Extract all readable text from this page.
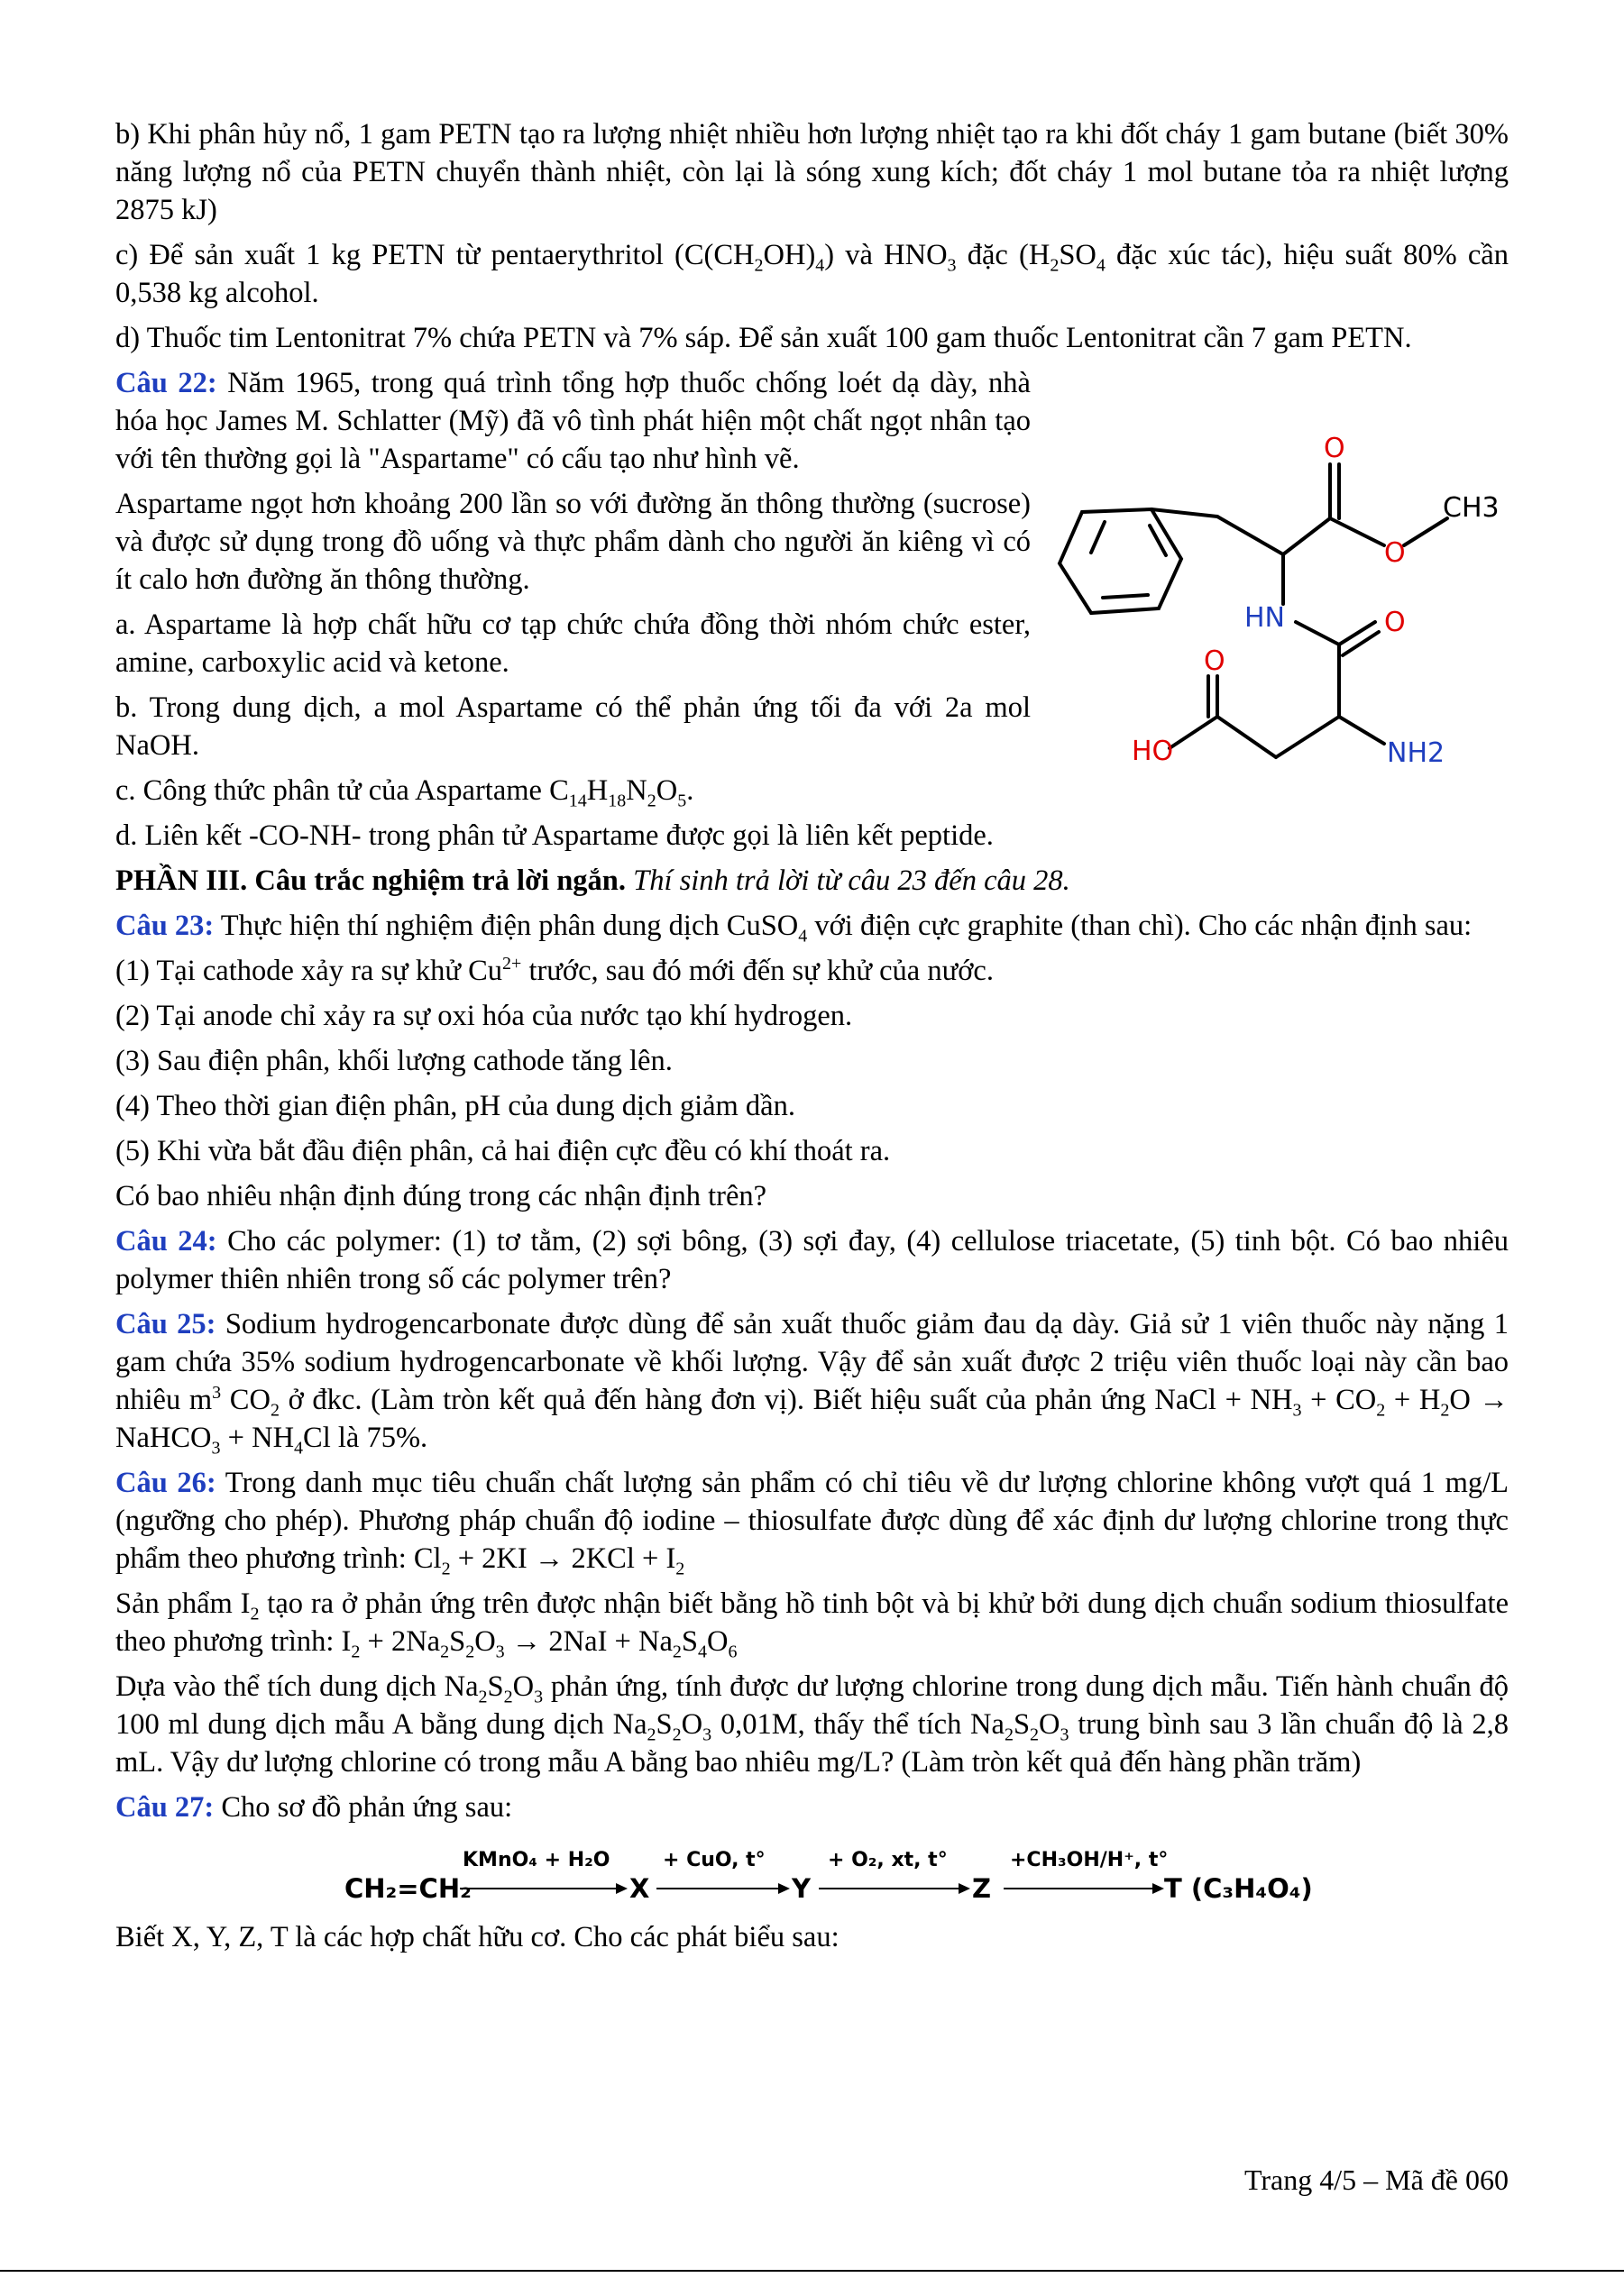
b) Khi phân hủy nổ, 1 gam PETN tạo ra lượng nhiệt nhiều hơn lượng nhiệt tạo ra khi đốt cháy 1 gam butane (biết 30% năng lượng nổ của PETN chuyển thành nhiệt, còn lại là sóng xung kích; đốt cháy 1 mol butane tỏa ra nhiệt lượng 2875 kJ)

c) Để sản xuất 1 kg PETN từ pentaerythritol $(C(CH_2OH)_4)$ và $HNO_3$ đặc ($H_2SO_4$ đặc xúc tác), hiệu suất 80% cần 0,538 kg alcohol.

d) Thuốc tim Lentonitrat 7% chứa PETN và 7% sáp. Để sản xuất 100 gam thuốc Lentonitrat cần 7 gam PETN.

Câu 22: Năm 1965, trong quá trình tổng hợp thuốc chống loét dạ dày, nhà hóa học James M. Schlatter (Mỹ) đã vô tình phát hiện một chất ngọt nhân tạo với tên thường gọi là "Aspartame" có cấu tạo như hình vẽ.

Aspartame ngọt hơn khoảng 200 lần so với đường ăn thông thường (sucrose) và được sử dụng trong đồ uống và thực phẩm dành cho người ăn kiêng vì có ít calo hơn đường ăn thông thường.

a. Aspartame là hợp chất hữu cơ tạp chức chứa đồng thời nhóm chức ester, amine, carboxylic acid và ketone.

b. Trong dung dịch, a mol Aspartame có thể phản ứng tối đa với 2a mol NaOH.

c. Công thức phân tử của Aspartame $C_{14}H_{18}N_2O_5$.

d. Liên kết -CO-NH- trong phân tử Aspartame được gọi là liên kết peptide.

PHẦN III. Câu trắc nghiệm trả lời ngắn. Thí sinh trả lời từ câu 23 đến câu 28.

Câu 23: Thực hiện thí nghiệm điện phân dung dịch CuSO$_4$ với điện cực graphite (than chì). Cho các nhận định sau:

(1) Tại cathode xảy ra sự khử $Cu^{2+}$ trước, sau đó mới đến sự khử của nước.

(2) Tại anode chỉ xảy ra sự oxi hóa của nước tạo khí hydrogen.

(3) Sau điện phân, khối lượng cathode tăng lên.

(4) Theo thời gian điện phân, pH của dung dịch giảm dần.

(5) Khi vừa bắt đầu điện phân, cả hai điện cực đều có khí thoát ra.

Có bao nhiêu nhận định đúng trong các nhận định trên?

Câu 24: Cho các polymer: (1) tơ tằm, (2) sợi bông, (3) sợi đay, (4) cellulose triacetate, (5) tinh bột. Có bao nhiêu polymer thiên nhiên trong số các polymer trên?

Câu 25: Sodium hydrogencarbonate được dùng để sản xuất thuốc giảm đau dạ dày. Giả sử 1 viên thuốc này nặng 1 gam chứa 35% sodium hydrogencarbonate về khối lượng. Vậy để sản xuất được 2 triệu viên thuốc loại này cần bao nhiêu $m^3$ $CO_2$ ở đkc. (Làm tròn kết quả đến hàng đơn vị). Biết hiệu suất của phản ứng NaCl + $NH_3 + CO_2 + H_2O$ → NaHCO$_3$ + $NH_4Cl$ là 75%.

Câu 26: Trong danh mục tiêu chuẩn chất lượng sản phẩm có chỉ tiêu về dư lượng chlorine không vượt quá 1 mg/L (ngưỡng cho phép). Phương pháp chuẩn độ iodine – thiosulfate được dùng để xác định dư lượng chlorine trong thực phẩm theo phương trình: $Cl_2 + 2KI \to 2KCl + I_2$

Sản phẩm $I_2$ tạo ra ở phản ứng trên được nhận biết bằng hồ tinh bột và bị khử bởi dung dịch chuẩn sodium thiosulfate theo phương trình: $I_2 + 2Na_2S_2O_3 \to 2NaI + Na_2S_4O_6$

Dựa vào thể tích dung dịch $Na_2S_2O_3$ phản ứng, tính được dư lượng chlorine trong dung dịch mẫu. Tiến hành chuẩn độ 100 ml dung dịch mẫu A bằng dung dịch $Na_2S_2O_3$ 0,01M, thấy thể tích $Na_2S_2O_3$ trung bình sau 3 lần chuẩn độ là 2,8 mL. Vậy dư lượng chlorine có trong mẫu A bằng bao nhiêu mg/L? (Làm tròn kết quả đến hàng phần trăm)

Câu 27: Cho sơ đồ phản ứng sau:

CH₂=CH₂
KMnO₄ + H₂O
X
+ CuO, t°
Y
+ O₂, xt, t°
Z
+CH₃OH/H⁺, t°
T (C₃H₄O₄)

Biết X, Y, Z, T là các hợp chất hữu cơ. Cho các phát biểu sau:

O
O
O
O
HO
HN
NH2
CH3
Trang 4/5 – Mã đề 060
